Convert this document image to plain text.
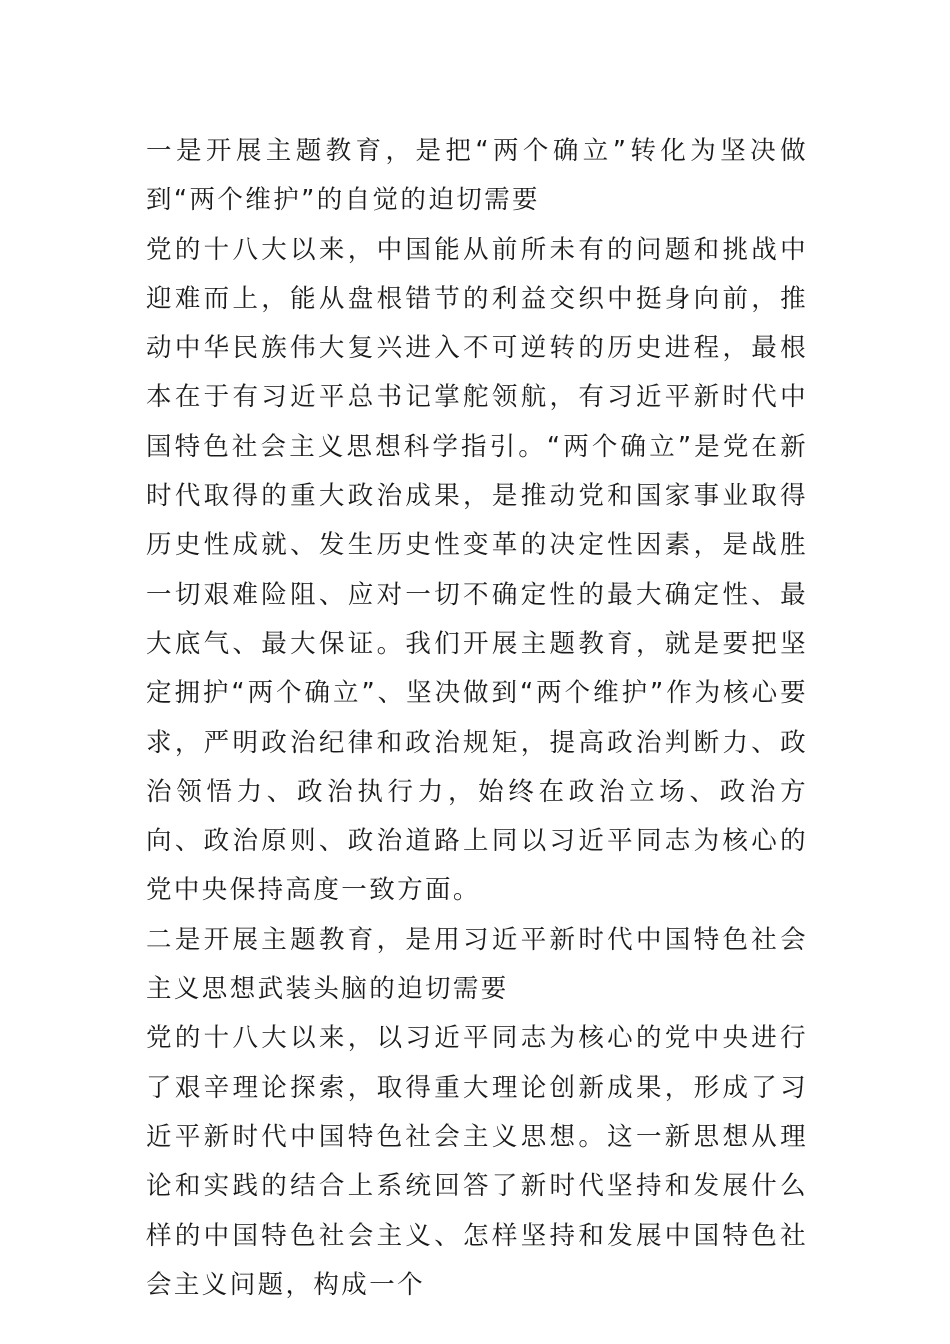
一是开展主题教育，是把“两个确立”转化为坚决做到“两个维护”的自觉的迫切需要

党的十八大以来，中国能从前所未有的问题和挑战中迎难而上，能从盘根错节的利益交织中挺身向前，推动中华民族伟大复兴进入不可逆转的历史进程，最根本在于有习近平总书记掌舵领航，有习近平新时代中国特色社会主义思想科学指引。“两个确立”是党在新时代取得的重大政治成果，是推动党和国家事业取得历史性成就、发生历史性变革的决定性因素，是战胜一切艰难险阻、应对一切不确定性的最大确定性、最大底气、最大保证。我们开展主题教育，就是要把坚定拥护“两个确立”、坚决做到“两个维护”作为核心要求，严明政治纪律和政治规矩，提高政治判断力、政治领悟力、政治执行力，始终在政治立场、政治方向、政治原则、政治道路上同以习近平同志为核心的党中央保持高度一致方面。

二是开展主题教育，是用习近平新时代中国特色社会主义思想武装头脑的迫切需要

党的十八大以来，以习近平同志为核心的党中央进行了艰辛理论探索，取得重大理论创新成果，形成了习近平新时代中国特色社会主义思想。这一新思想从理论和实践的结合上系统回答了新时代坚持和发展什么样的中国特色社会主义、怎样坚持和发展中国特色社会主义问题，构成一个
